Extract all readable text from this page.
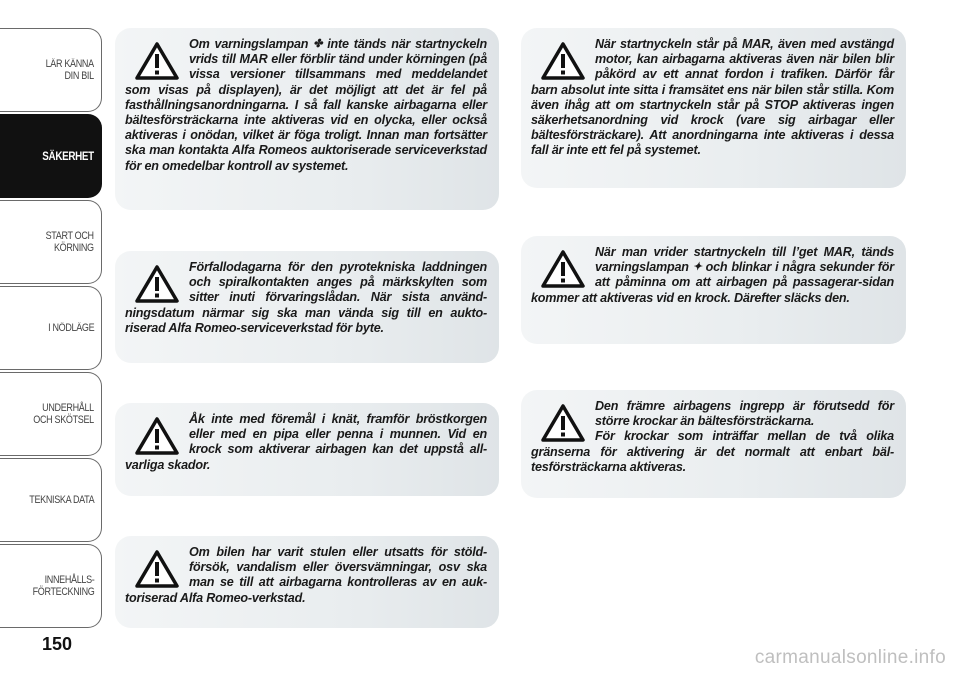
LÄR KÄNNA
DIN BIL
SÄKERHET
START OCH
KÖRNING
I NÖDLÄGE
UNDERHÅLL
OCH SKÖTSEL
TEKNISKA DATA
INNEHÅLLS-
FÖRTECKNING
150

Om varningslampan ✤ inte tänds när startnyckeln vrids till MAR eller förblir tänd under körningen (på vissa versioner tillsammans med meddelandet som visas på displayen), är det möjligt att det är fel på fasthållningsanordningarna. I så fall kanske airbagarna eller bältesförsträckarna inte aktiveras vid en olycka, eller också aktiveras i onödan, vilket är föga troligt. Innan man fortsätter ska man kontakta Alfa Romeos auktoriserade serviceverkstad för en omedelbar kontroll av systemet.

Förfallodagarna för den pyrotekniska laddningen och spiralkontakten anges på märkskylten som sitter inuti förvaringslådan. När sista använd-ningsdatum närmar sig ska man vända sig till en aukto-riserad Alfa Romeo-serviceverkstad för byte.

Åk inte med föremål i knät, framför bröstkorgen eller med en pipa eller penna i munnen. Vid en krock som aktiverar airbagen kan det uppstå all-varliga skador.

Om bilen har varit stulen eller utsatts för stöld-försök, vandalism eller översvämningar, osv ska man se till att airbagarna kontrolleras av en auk-toriserad Alfa Romeo-verkstad.

När startnyckeln står på MAR, även med avstängd motor, kan airbagarna aktiveras även när bilen blir påkörd av ett annat fordon i trafiken. Därför får barn absolut inte sitta i framsätet ens när bilen står stilla. Kom även ihåg att om startnyckeln står på STOP aktiveras ingen säkerhetsanordning vid krock (vare sig airbagar eller bältesförsträckare). Att anordningarna inte aktiveras i dessa fall är inte ett fel på systemet.

När man vrider startnyckeln till l’get MAR, tänds varningslampan ✦ och blinkar i några sekunder för att påminna om att airbagen på passagerar-sidan kommer att aktiveras vid en krock. Därefter släcks den.

Den främre airbagens ingrepp är förutsedd för större krockar än bältesförsträckarna.
För krockar som inträffar mellan de två olika gränserna för aktivering är det normalt att enbart bäl-tesförsträckarna aktiveras.

carmanualsonline.info
